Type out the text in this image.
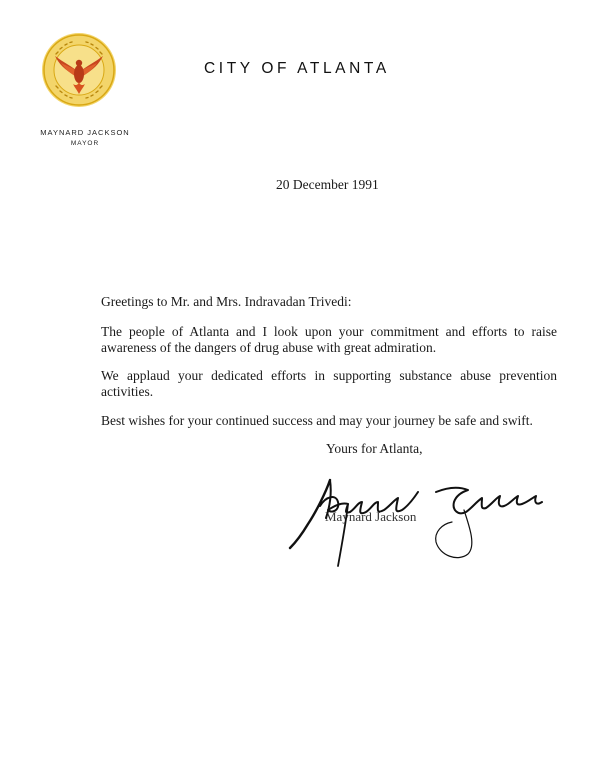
CITY OF ATLANTA
MAYNARD JACKSON
MAYOR
20 December 1991
Greetings to Mr. and Mrs. Indravadan Trivedi:
The people of Atlanta and I look upon your commitment and efforts to raise awareness of the dangers of drug abuse with great admiration.
We applaud your dedicated efforts in supporting substance abuse prevention activities.
Best wishes for your continued success and may your journey be safe and swift.
Yours for Atlanta,
Maynard Jackson
